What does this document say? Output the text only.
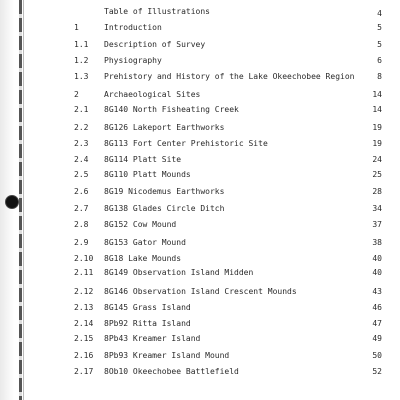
Table of Illustrations	4
1	Introduction	5
1.1 Description of Survey	5
1.2 Physiography	6
1.3 Prehistory and History of the Lake Okeechobee Region	8
2	Archaeological Sites	14
2.1 8G140 North Fisheating Creek	14
2.2 8G126 Lakeport Earthworks	19
2.3 8G113 Fort Center Prehistoric Site	19
2.4 8G114 Platt Site	24
2.5 8G110 Platt Mounds	25
2.6 8G19 Nicodemus Earthworks	28
2.7 8G138 Glades Circle Ditch	34
2.8 8G152 Cow Mound	37
2.9 8G153 Gator Mound	38
2.10 8G18 Lake Mounds	40
2.11 8G149 Observation Island Midden	40
2.12 8G146 Observation Island Crescent Mounds	43
2.13 8G145 Grass Island	46
2.14 8Pb92 Ritta Island	47
2.15 8Pb43 Kreamer Island	49
2.16 8Pb93 Kreamer Island Mound	50
2.17 8Ob10 Okeechobee Battlefield	52
